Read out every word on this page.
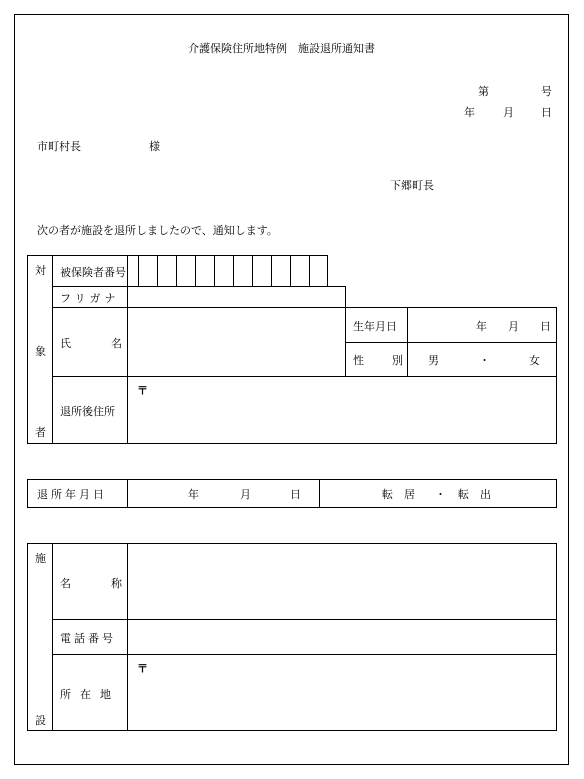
介護保険住所地特例　施設退所通知書
第	号
年	月 日
市町村長	様
下郷町長
次の者が施設を退所しましたので、通知します。
対
象
者
被保険者番号
フリガナ
氏	名
生年月日	年 月 日
性	別 男	・	女
退所後住所
〒
退所年月日	年	月	日	転　居 ・ 転　出
施
設
名	称
電話番号
所在地
〒
